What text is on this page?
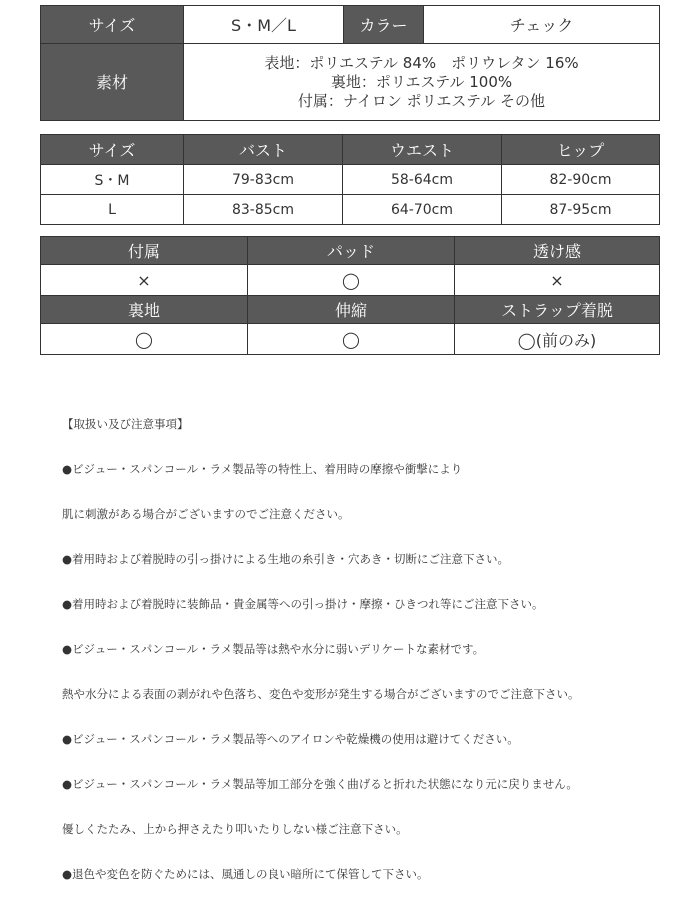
サイズ	S・M／L	カラー	チェック
素材	表地：ポリエステル 84%　ポリウレタン 16%
裏地：ポリエステル 100%
付属：ナイロン ポリエステル その他		
サイズ	バスト	ウエスト	ヒップ
S・M	79-83cm	58-64cm	82-90cm
L	83-85cm	64-70cm	87-95cm
付属	パッド	透け感
×	◯	×
裏地	伸縮	ストラップ着脱
◯	◯	◯(前のみ)

【取扱い及び注意事項】

●ビジュー・スパンコール・ラメ製品等の特性上、着用時の摩擦や衝撃により

肌に刺激がある場合がございますのでご注意ください。

●着用時および着脱時の引っ掛けによる生地の糸引き・穴あき・切断にご注意下さい。

●着用時および着脱時に装飾品・貴金属等への引っ掛け・摩擦・ひきつれ等にご注意下さい。

●ビジュー・スパンコール・ラメ製品等は熱や水分に弱いデリケートな素材です。

熱や水分による表面の剥がれや色落ち、変色や変形が発生する場合がございますのでご注意下さい。

●ビジュー・スパンコール・ラメ製品等へのアイロンや乾燥機の使用は避けてください。

●ビジュー・スパンコール・ラメ製品等加工部分を強く曲げると折れた状態になり元に戻りません。

優しくたたみ、上から押さえたり叩いたりしない様ご注意下さい。

●退色や変色を防ぐためには、風通しの良い暗所にて保管して下さい。
